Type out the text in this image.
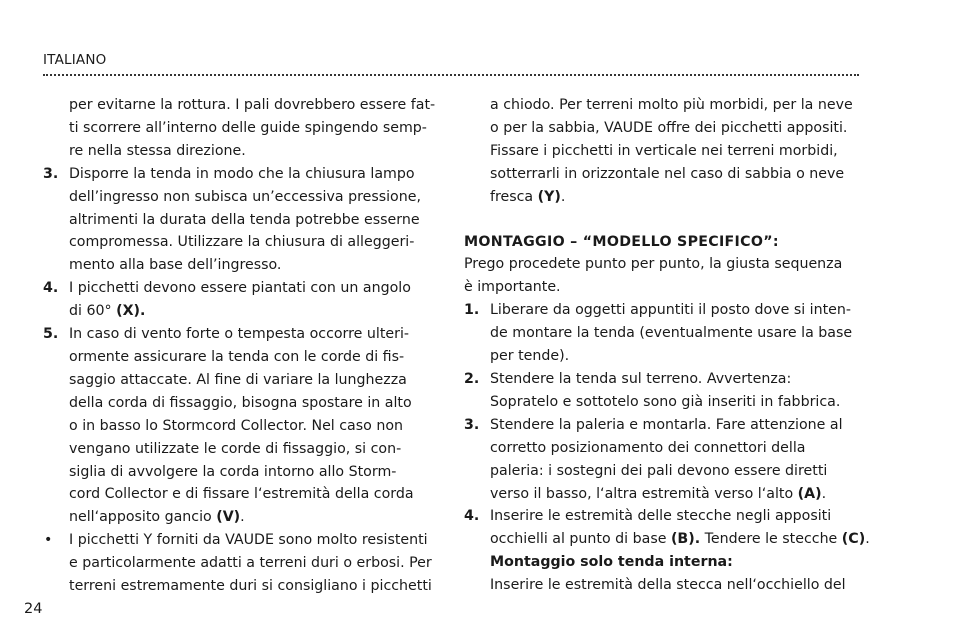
ITALIANO
per evitarne la rottura. I pali dovrebbero essere fat-
ti scorrere all’interno delle guide spingendo semp-
re nella stessa direzione.
3. Disporre la tenda in modo che la chiusura lampo
dell’ingresso non subisca un’eccessiva pressione,
altrimenti la durata della tenda potrebbe esserne
compromessa. Utilizzare la chiusura di alleggeri-
mento alla base dell’ingresso.
4. I picchetti devono essere piantati con un angolo
di 60° (X).
5. In caso di vento forte o tempesta occorre ulteri-
ormente assicurare la tenda con le corde di fis-
saggio attaccate. Al fine di variare la lunghezza
della corda di fissaggio, bisogna spostare in alto
o in basso lo Stormcord Collector. Nel caso non
vengano utilizzate le corde di fissaggio, si con-
siglia di avvolgere la corda intorno allo Storm-
cord Collector e di fissare l‘estremità della corda
nell‘apposito gancio (V).
• I picchetti Y forniti da VAUDE sono molto resistenti
e particolarmente adatti a terreni duri o erbosi. Per
terreni estremamente duri si consigliano i picchetti
a chiodo. Per terreni molto più morbidi, per la neve
o per la sabbia, VAUDE offre dei picchetti appositi.
Fissare i picchetti in verticale nei terreni morbidi,
sotterrarli in orizzontale nel caso di sabbia o neve
fresca (Y).
MONTAGGIO – “MODELLO SPECIFICO”:
Prego procedete punto per punto, la giusta sequenza
è importante.
1. Liberare da oggetti appuntiti il posto dove si inten-
de montare la tenda (eventualmente usare la base
per tende).
2. Stendere la tenda sul terreno. Avvertenza:
Sopratelo e sottotelo sono già inseriti in fabbrica.
3. Stendere la paleria e montarla. Fare attenzione al
corretto posizionamento dei connettori della
paleria: i sostegni dei pali devono essere diretti
verso il basso, l‘altra estremità verso l‘alto (A).
4. Inserire le estremità delle stecche negli appositi
occhielli al punto di base (B). Tendere le stecche (C).
Montaggio solo tenda interna:
Inserire le estremità della stecca nell‘occhiello del
24
